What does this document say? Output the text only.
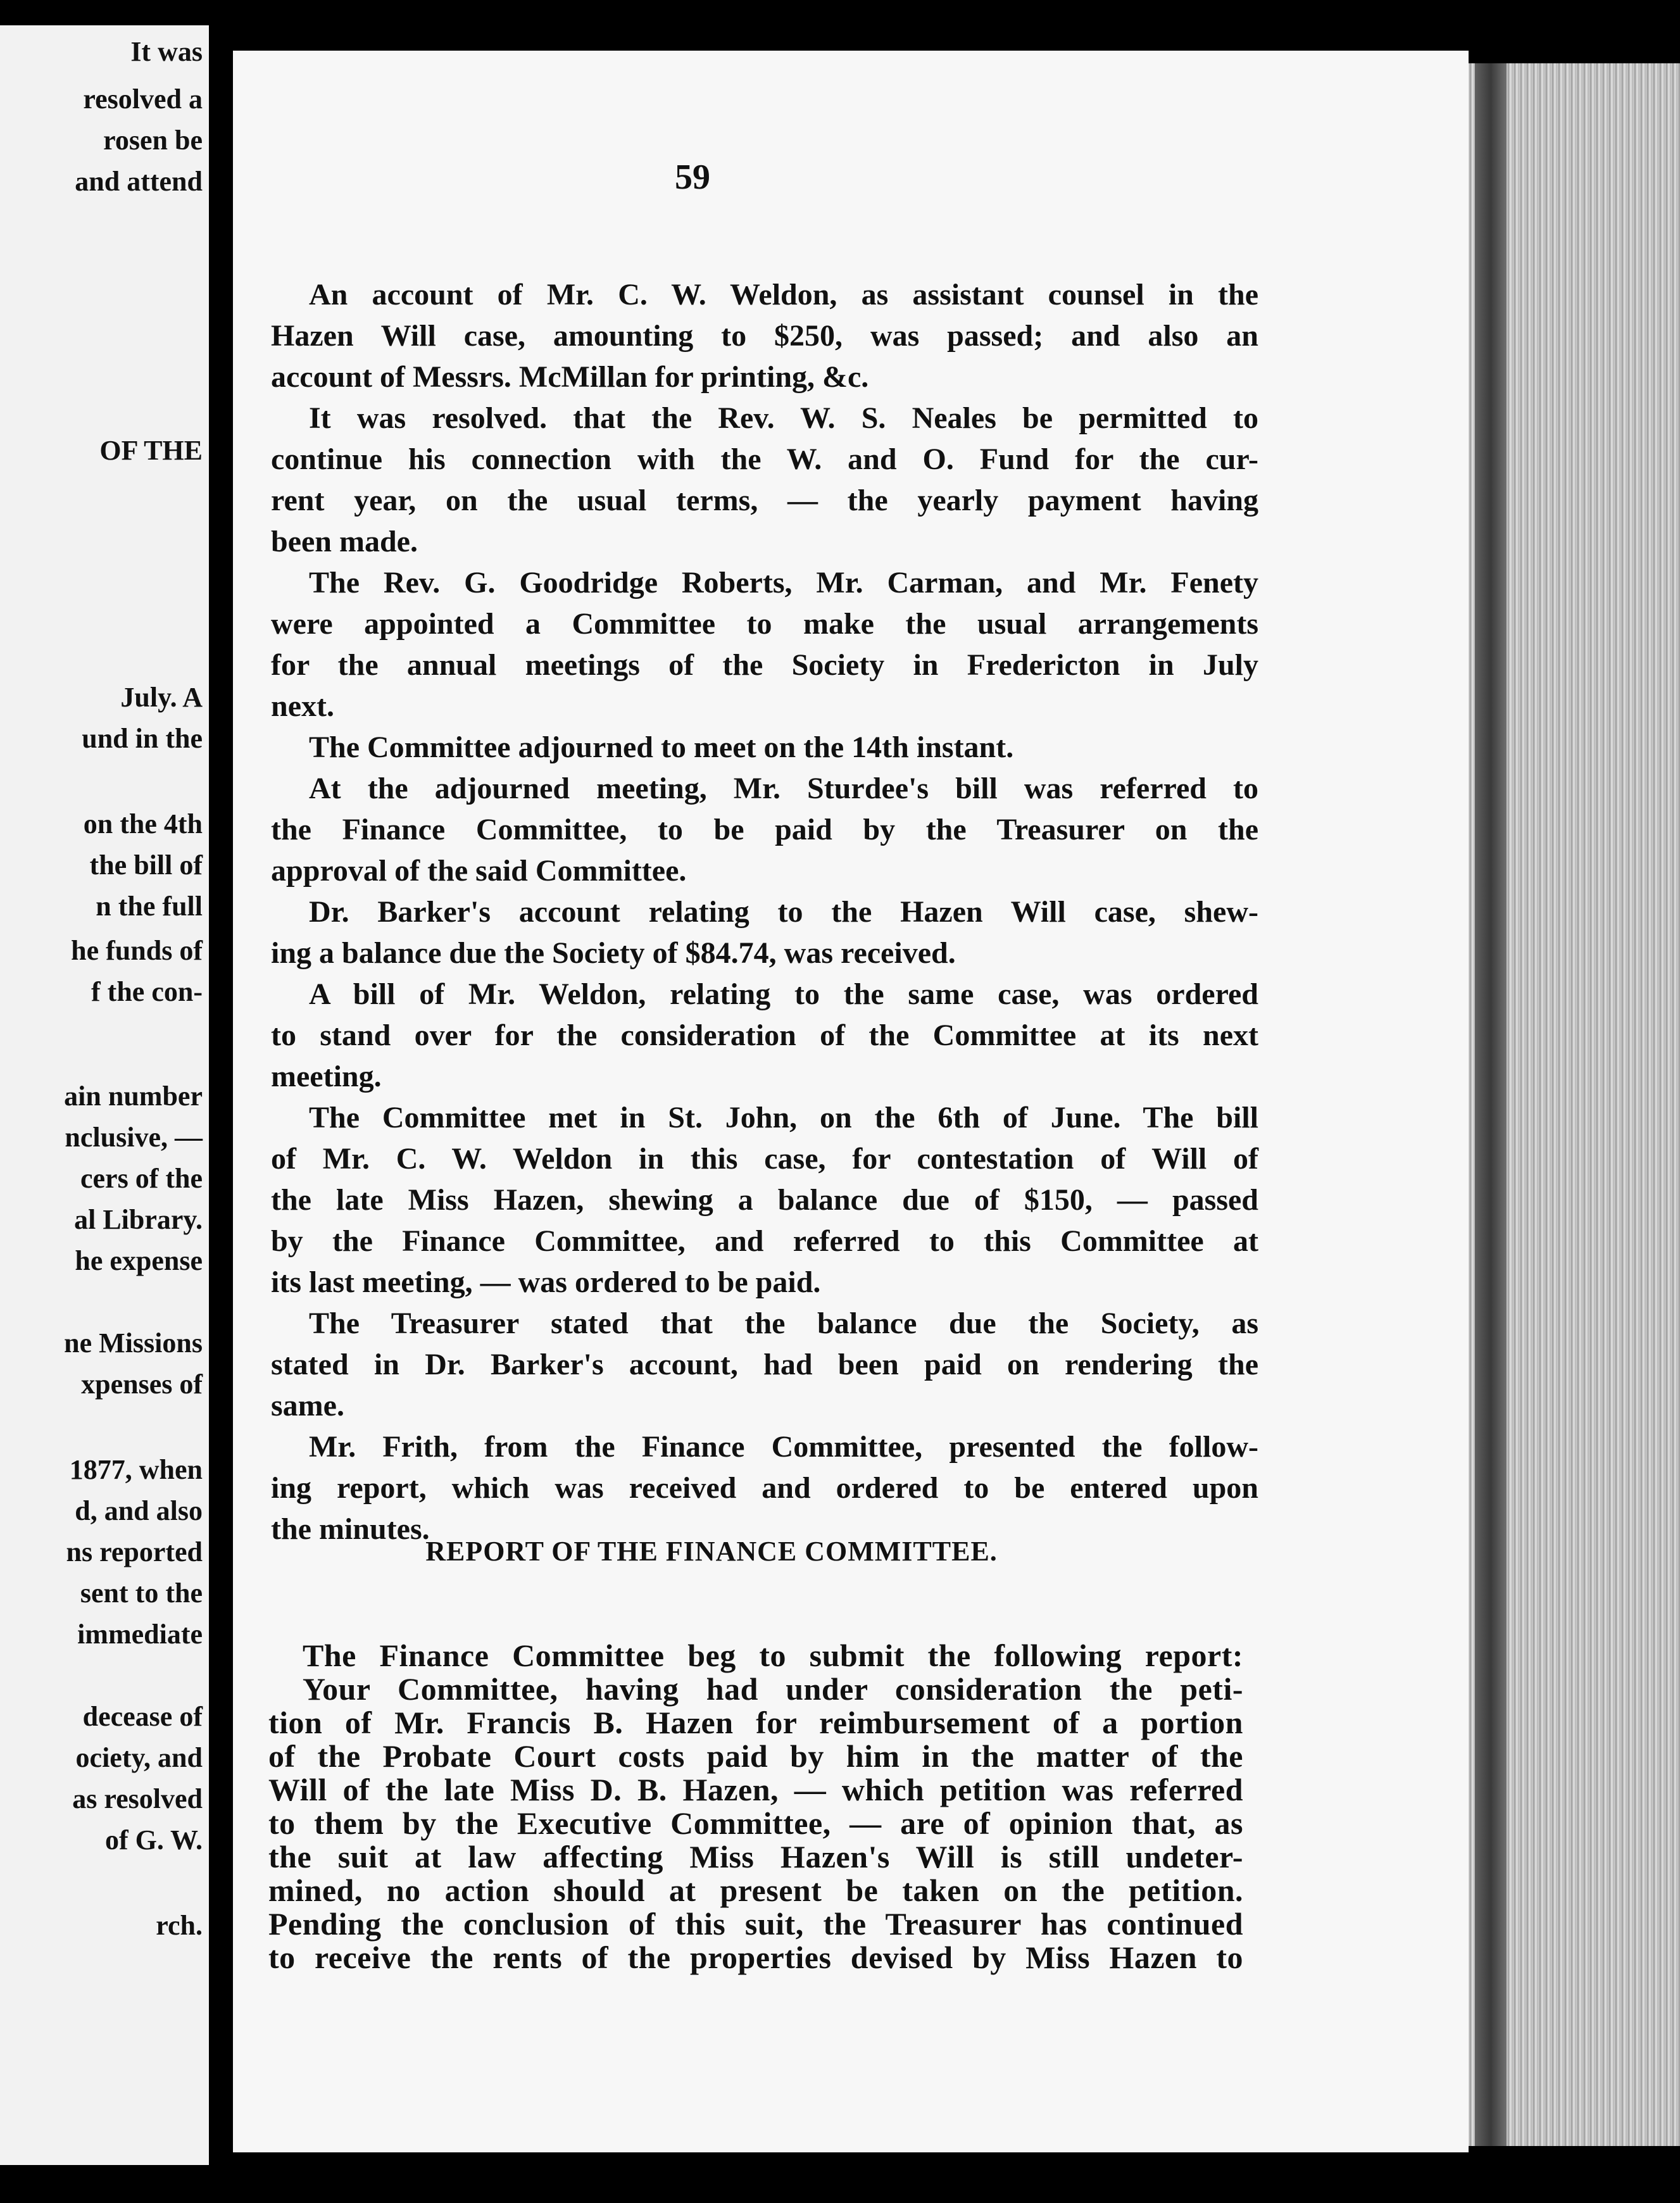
It was
resolved a
rosen be
and attend
OF THE
July. A
und in the
on the 4th
the bill of
n the full
he funds of
f the con-
ain number
nclusive, —
cers of the
al Library.
he expense
ne Missions
xpenses of
1877, when
d, and also
ns reported
sent to the
immediate
decease of
ociety, and
as resolved
of G. W.
rch.
59
REPORT OF THE FINANCE COMMITTEE.
An account of Mr. C. W. Weldon, as assistant counsel in the
Hazen Will case, amounting to $250, was passed; and also an
account of Messrs. McMillan for printing, &c.
It was resolved. that the Rev. W. S. Neales be permitted to
continue his connection with the W. and O. Fund for the cur-
rent year, on the usual terms, — the yearly payment having
been made.
The Rev. G. Goodridge Roberts, Mr. Carman, and Mr. Fenety
were appointed a Committee to make the usual arrangements
for the annual meetings of the Society in Fredericton in July
next.
The Committee adjourned to meet on the 14th instant.
At the adjourned meeting, Mr. Sturdee's bill was referred to
the Finance Committee, to be paid by the Treasurer on the
approval of the said Committee.
Dr. Barker's account relating to the Hazen Will case, shew-
ing a balance due the Society of $84.74, was received.
A bill of Mr. Weldon, relating to the same case, was ordered
to stand over for the consideration of the Committee at its next
meeting.
The Committee met in St. John, on the 6th of June. The bill
of Mr. C. W. Weldon in this case, for contestation of Will of
the late Miss Hazen, shewing a balance due of $150, — passed
by the Finance Committee, and referred to this Committee at
its last meeting, — was ordered to be paid.
The Treasurer stated that the balance due the Society, as
stated in Dr. Barker's account, had been paid on rendering the
same.
Mr. Frith, from the Finance Committee, presented the follow-
ing report, which was received and ordered to be entered upon
the minutes.
The Finance Committee beg to submit the following report:
Your Committee, having had under consideration the peti-
tion of Mr. Francis B. Hazen for reimbursement of a portion
of the Probate Court costs paid by him in the matter of the
Will of the late Miss D. B. Hazen, — which petition was referred
to them by the Executive Committee, — are of opinion that, as
the suit at law affecting Miss Hazen's Will is still undeter-
mined, no action should at present be taken on the petition.
Pending the conclusion of this suit, the Treasurer has continued
to receive the rents of the properties devised by Miss Hazen to
